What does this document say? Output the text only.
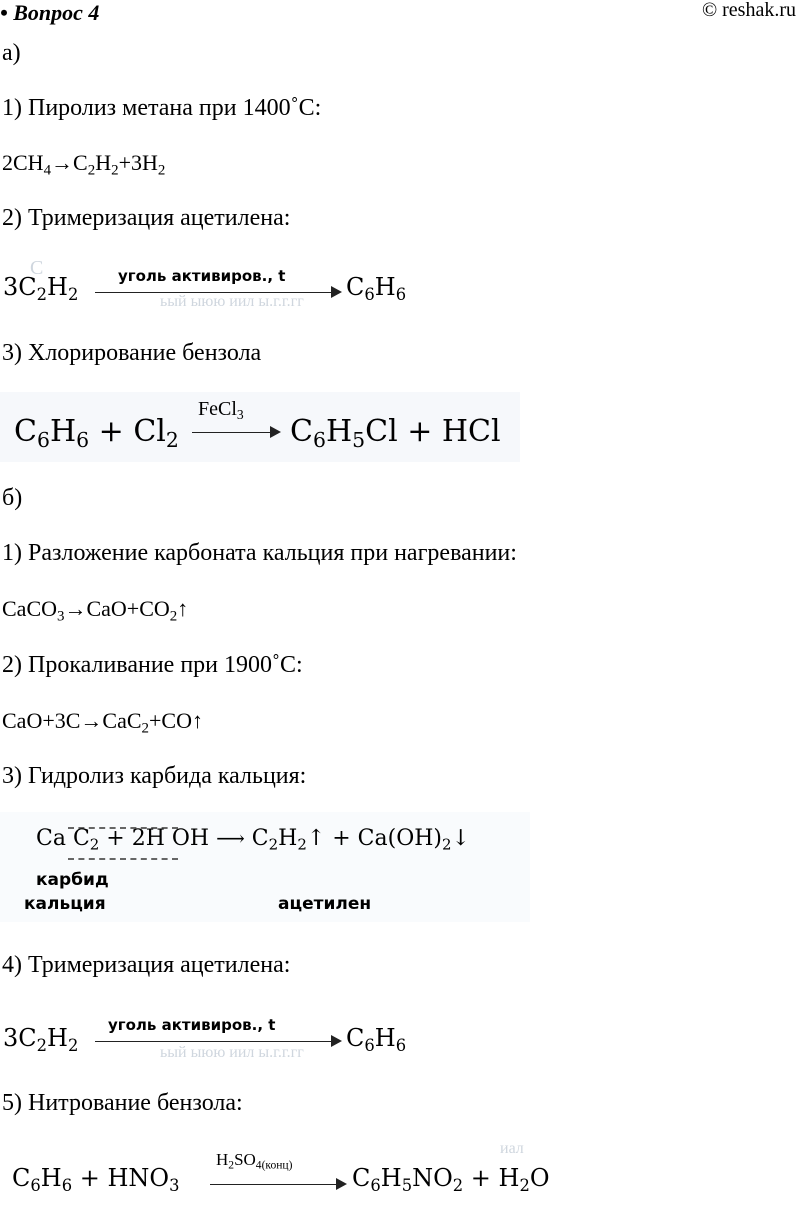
• Вопрос 4	© reshak.ru
а)
1) Пиролиз метана при 1400˚С:
$2CH_4\to C_2H_2+3H_2$
2) Тримеризация ацетилена:
С
ьый ыюю иил ы.г.г.гг
$3C_2H_2$
уголь активиров., t	$C_6H_6$
3) Хлорирование бензола
$C_6H_6 + Cl_2$
FeCl$_3$ $C_6H_5Cl$ + HCl
б)
1) Разложение карбоната кальция при нагревании:
$CaCO_3\to CaO+CO_2↑$
2) Прокаливание при 1900˚С:
CaO+3C→CaC$_2$+CO↑
3) Гидролиз карбида кальция:
Ca $C_2 + 2H$ OH ⟶ $C_2H_2↑$ + $Ca(OH)_2↓$
карбид
кальция	ацетилен
4) Тримеризация ацетилена:
ьый ыюю иил ы.г.г.гг
$3C_2H_2$
уголь активиров., t	$C_6H_6$
5) Нитрование бензола:
иал
$C_6H_6 + HNO_3$
$H_2SO_{4(конц)}$ $C_6H_5NO_2 + H_2O$
